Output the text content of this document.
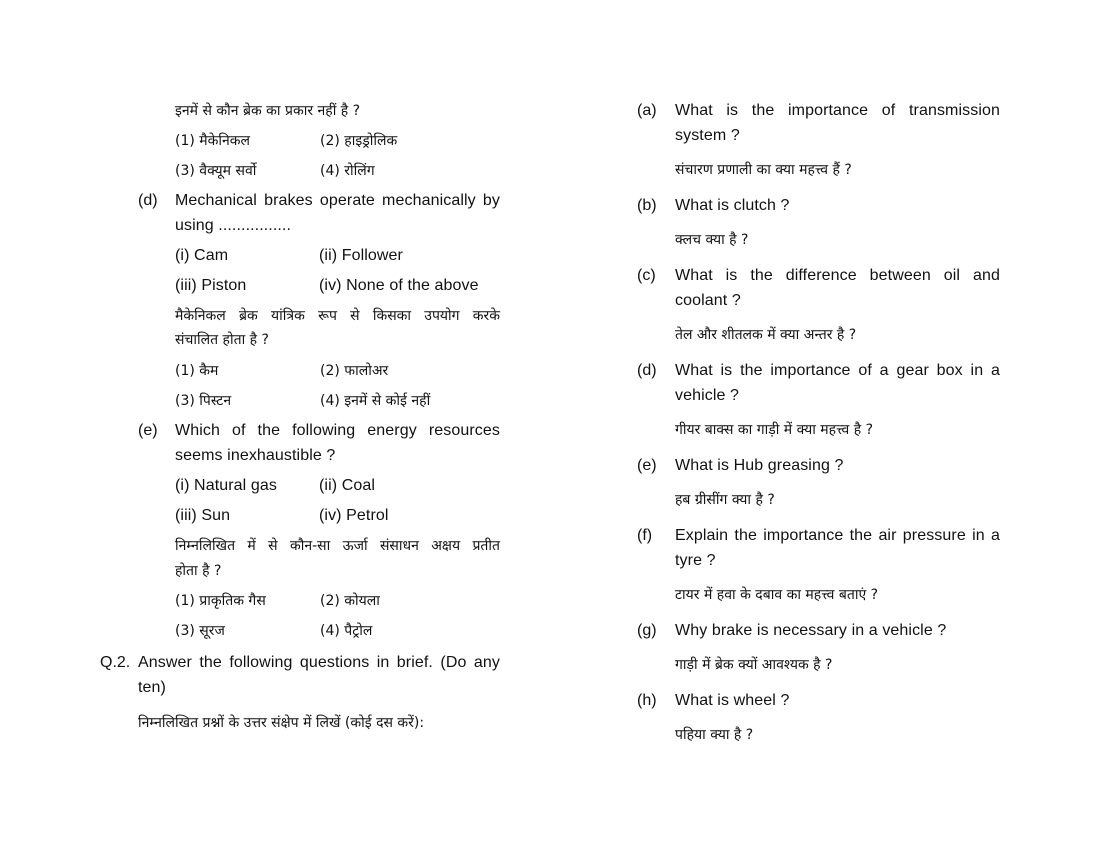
इनमें से कौन ब्रेक का प्रकार नहीं है ?
(1) मैकेनिकल	(2) हाइड्रोलिक
(3) वैक्यूम सर्वो	(4) रोलिंग
(d) Mechanical brakes operate mechanically by
using ................
(i) Cam	(ii) Follower
(iii) Piston	(iv) None of the above
मैकेनिकल ब्रेक यांत्रिक रूप से किसका उपयोग करके
संचालित होता है ?
(1) कैम	(2) फालोअर
(3) पिस्टन	(4) इनमें से कोई नहीं
(e) Which of the following energy resources
seems inexhaustible ?
(i) Natural gas	(ii) Coal
(iii) Sun	(iv) Petrol
निम्नलिखित में से कौन-सा ऊर्जा संसाधन अक्षय प्रतीत
होता है ?
(1) प्राकृतिक गैस	(2) कोयला
(3) सूरज	(4) पैट्रोल
Q.2. Answer the following questions in brief. (Do any
ten)
निम्नलिखित प्रश्नों के उत्तर संक्षेप में लिखें (कोई दस करें):
(a) What is the importance of transmission
system ?
संचारण प्रणाली का क्या महत्त्व हैं ?
(b) What is clutch ?
क्लच क्या है ?
(c) What is the difference between oil and
coolant ?
तेल और शीतलक में क्या अन्तर है ?
(d) What is the importance of a gear box in a
vehicle ?
गीयर बाक्स का गाड़ी में क्या महत्त्व है ?
(e) What is Hub greasing ?
हब ग्रीसींग क्या है ?
(f) Explain the importance the air pressure in a
tyre ?
टायर में हवा के दबाव का महत्त्व बताएं ?
(g) Why brake is necessary in a vehicle ?
गाड़ी में ब्रेक क्यों आवश्यक है ?
(h) What is wheel ?
पहिया क्या है ?
